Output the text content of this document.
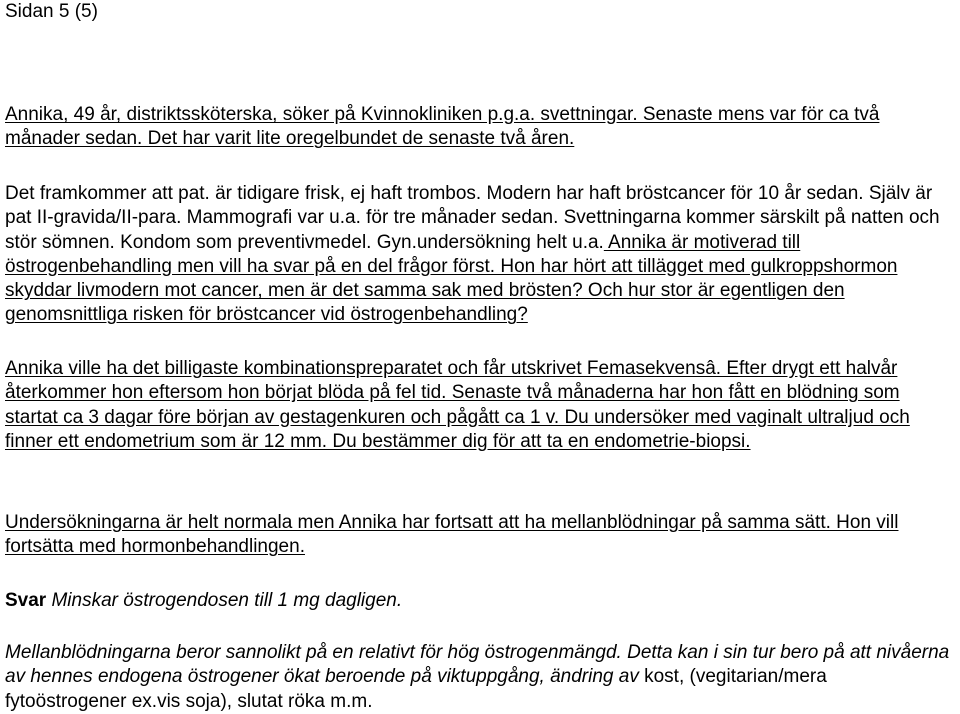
Sidan 5 (5)

Annika, 49 år, distriktssköterska, söker på Kvinnokliniken p.g.a. svettningar. Senaste mens var för ca två månader sedan. Det har varit lite oregelbundet de senaste två åren.

Det framkommer att pat. är tidigare frisk, ej haft trombos. Modern har haft bröstcancer för 10 år sedan. Själv är pat II-gravida/II-para. Mammografi var u.a. för tre månader sedan. Svettningarna kommer särskilt på natten och stör sömnen. Kondom som preventivmedel. Gyn.undersökning helt u.a. Annika är motiverad till östrogenbehandling men vill ha svar på en del frågor först. Hon har hört att tillägget med gulkroppshormon skyddar livmodern mot cancer, men är det samma sak med brösten? Och hur stor är egentligen den genomsnittliga risken för bröstcancer vid östrogenbehandling?

Annika ville ha det billigaste kombinationspreparatet och får utskrivet Femasekvensâ. Efter drygt ett halvår återkommer hon eftersom hon börjat blöda på fel tid. Senaste två månaderna har hon fått en blödning som startat ca 3 dagar före början av gestagenkuren och pågått ca 1 v. Du undersöker med vaginalt ultraljud och finner ett endometrium som är 12 mm. Du bestämmer dig för att ta en endometrie-biopsi.

Undersökningarna är helt normala men Annika har fortsatt att ha mellanblödningar på samma sätt. Hon vill fortsätta med hormonbehandlingen.

Svar Minskar östrogendosen till 1 mg dagligen.

Mellanblödningarna beror sannolikt på en relativt för hög östrogenmängd. Detta kan i sin tur bero på att nivåerna av hennes endogena östrogener ökat beroende på viktuppgång, ändring av kost, (vegitarian/mera fytoöstrogener ex.vis soja), slutat röka m.m.
